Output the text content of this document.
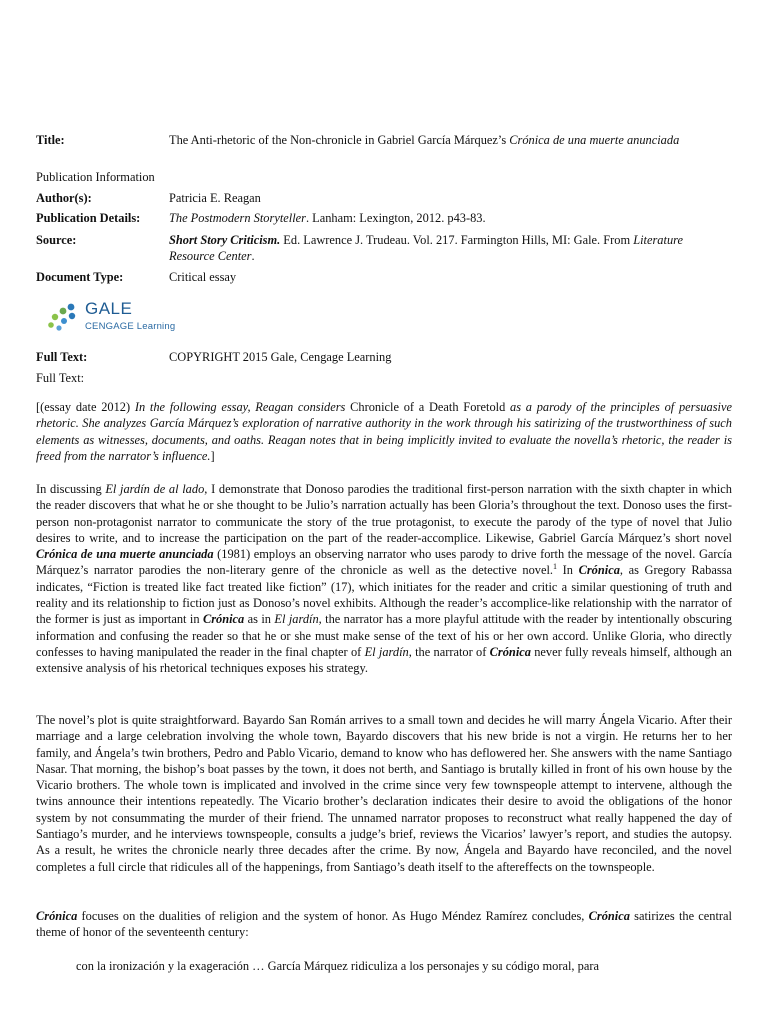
Title:	The Anti-rhetoric of the Non-chronicle in Gabriel García Márquez’s Crónica de una muerte anunciada
Publication Information
Author(s):	Patricia E. Reagan
Publication Details: The Postmodern Storyteller. Lanham: Lexington, 2012. p43-83.
Source:	Short Story Criticism. Ed. Lawrence J. Trudeau. Vol. 217. Farmington Hills, MI: Gale. From Literature Resource Center.
Document Type:	Critical essay
Full Text:	COPYRIGHT 2015 Gale, Cengage Learning
Full Text:
GALE
CENGAGE Learning

[(essay date 2012) In the following essay, Reagan considers Chronicle of a Death Foretold as a parody of the principles of persuasive rhetoric. She analyzes García Márquez’s exploration of narrative authority in the work through his satirizing of the trustworthiness of such elements as witnesses, documents, and oaths. Reagan notes that in being implicitly invited to evaluate the novella’s rhetoric, the reader is freed from the narrator’s influence.]

In discussing El jardín de al lado, I demonstrate that Donoso parodies the traditional first-person narration with the sixth chapter in which the reader discovers that what he or she thought to be Julio’s narration actually has been Gloria’s throughout the text. Donoso uses the first-person non-protagonist narrator to communicate the story of the true protagonist, to execute the parody of the type of novel that Julio desires to write, and to increase the participation on the part of the reader-accomplice. Likewise, Gabriel García Márquez’s short novel Crónica de una muerte anunciada (1981) employs an observing narrator who uses parody to drive forth the message of the novel. García Márquez’s narrator parodies the non-literary genre of the chronicle as well as the detective novel.$^1$ In Crónica, as Gregory Rabassa indicates, “Fiction is treated like fact treated like fiction” (17), which initiates for the reader and critic a similar questioning of truth and reality and its relationship to fiction just as Donoso’s novel exhibits. Although the reader’s accomplice-like relationship with the narrator of the former is just as important in Crónica as in El jardín, the narrator has a more playful attitude with the reader by intentionally obscuring information and confusing the reader so that he or she must make sense of the text of his or her own accord. Unlike Gloria, who directly confesses to having manipulated the reader in the final chapter of El jardín, the narrator of Crónica never fully reveals himself, although an extensive analysis of his rhetorical techniques exposes his strategy.

The novel’s plot is quite straightforward. Bayardo San Román arrives to a small town and decides he will marry Ángela Vicario. After their marriage and a large celebration involving the whole town, Bayardo discovers that his new bride is not a virgin. He returns her to her family, and Ángela’s twin brothers, Pedro and Pablo Vicario, demand to know who has deflowered her. She answers with the name Santiago Nasar. That morning, the bishop’s boat passes by the town, it does not berth, and Santiago is brutally killed in front of his own house by the Vicario brothers. The whole town is implicated and involved in the crime since very few townspeople attempt to intervene, although the twins announce their intentions repeatedly. The Vicario brother’s declaration indicates their desire to avoid the obligations of the honor system by not consummating the murder of their friend. The unnamed narrator proposes to reconstruct what really happened the day of Santiago’s murder, and he interviews townspeople, consults a judge’s brief, reviews the Vicarios’ lawyer’s report, and studies the autopsy. As a result, he writes the chronicle nearly three decades after the crime. By now, Ángela and Bayardo have reconciled, and the novel completes a full circle that ridicules all of the happenings, from Santiago’s death itself to the aftereffects on the townspeople.

Crónica focuses on the dualities of religion and the system of honor. As Hugo Méndez Ramírez concludes, Crónica satirizes the central theme of honor of the seventeenth century:

con la ironización y la exageración … García Márquez ridiculiza a los personajes y su código moral, para
